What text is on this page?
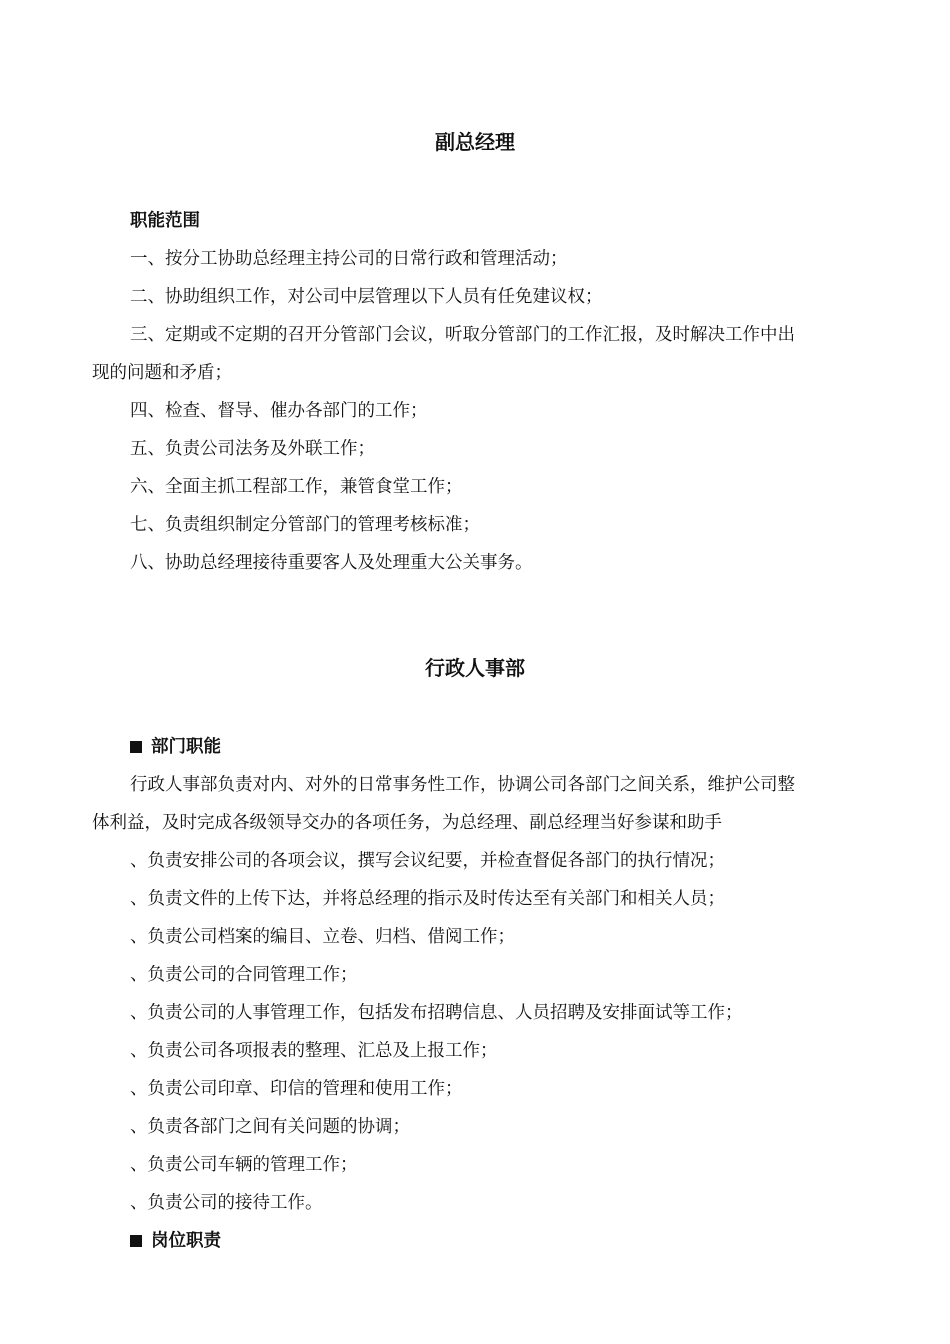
副总经理
职能范围
一、按分工协助总经理主持公司的日常行政和管理活动；
二、协助组织工作，对公司中层管理以下人员有任免建议权；
三、定期或不定期的召开分管部门会议，听取分管部门的工作汇报，及时解决工作中出
现的问题和矛盾；
四、检查、督导、催办各部门的工作；
五、负责公司法务及外联工作；
六、全面主抓工程部工作，兼管食堂工作；
七、负责组织制定分管部门的管理考核标准；
八、协助总经理接待重要客人及处理重大公关事务。
行政人事部
部门职能
行政人事部负责对内、对外的日常事务性工作，协调公司各部门之间关系，维护公司整
体利益，及时完成各级领导交办的各项任务，为总经理、副总经理当好参谋和助手
、负责安排公司的各项会议，撰写会议纪要，并检查督促各部门的执行情况；
、负责文件的上传下达，并将总经理的指示及时传达至有关部门和相关人员；
、负责公司档案的编目、立卷、归档、借阅工作；
、负责公司的合同管理工作；
、负责公司的人事管理工作，包括发布招聘信息、人员招聘及安排面试等工作；
、负责公司各项报表的整理、汇总及上报工作；
、负责公司印章、印信的管理和使用工作；
、负责各部门之间有关问题的协调；
、负责公司车辆的管理工作；
、负责公司的接待工作。
岗位职责
